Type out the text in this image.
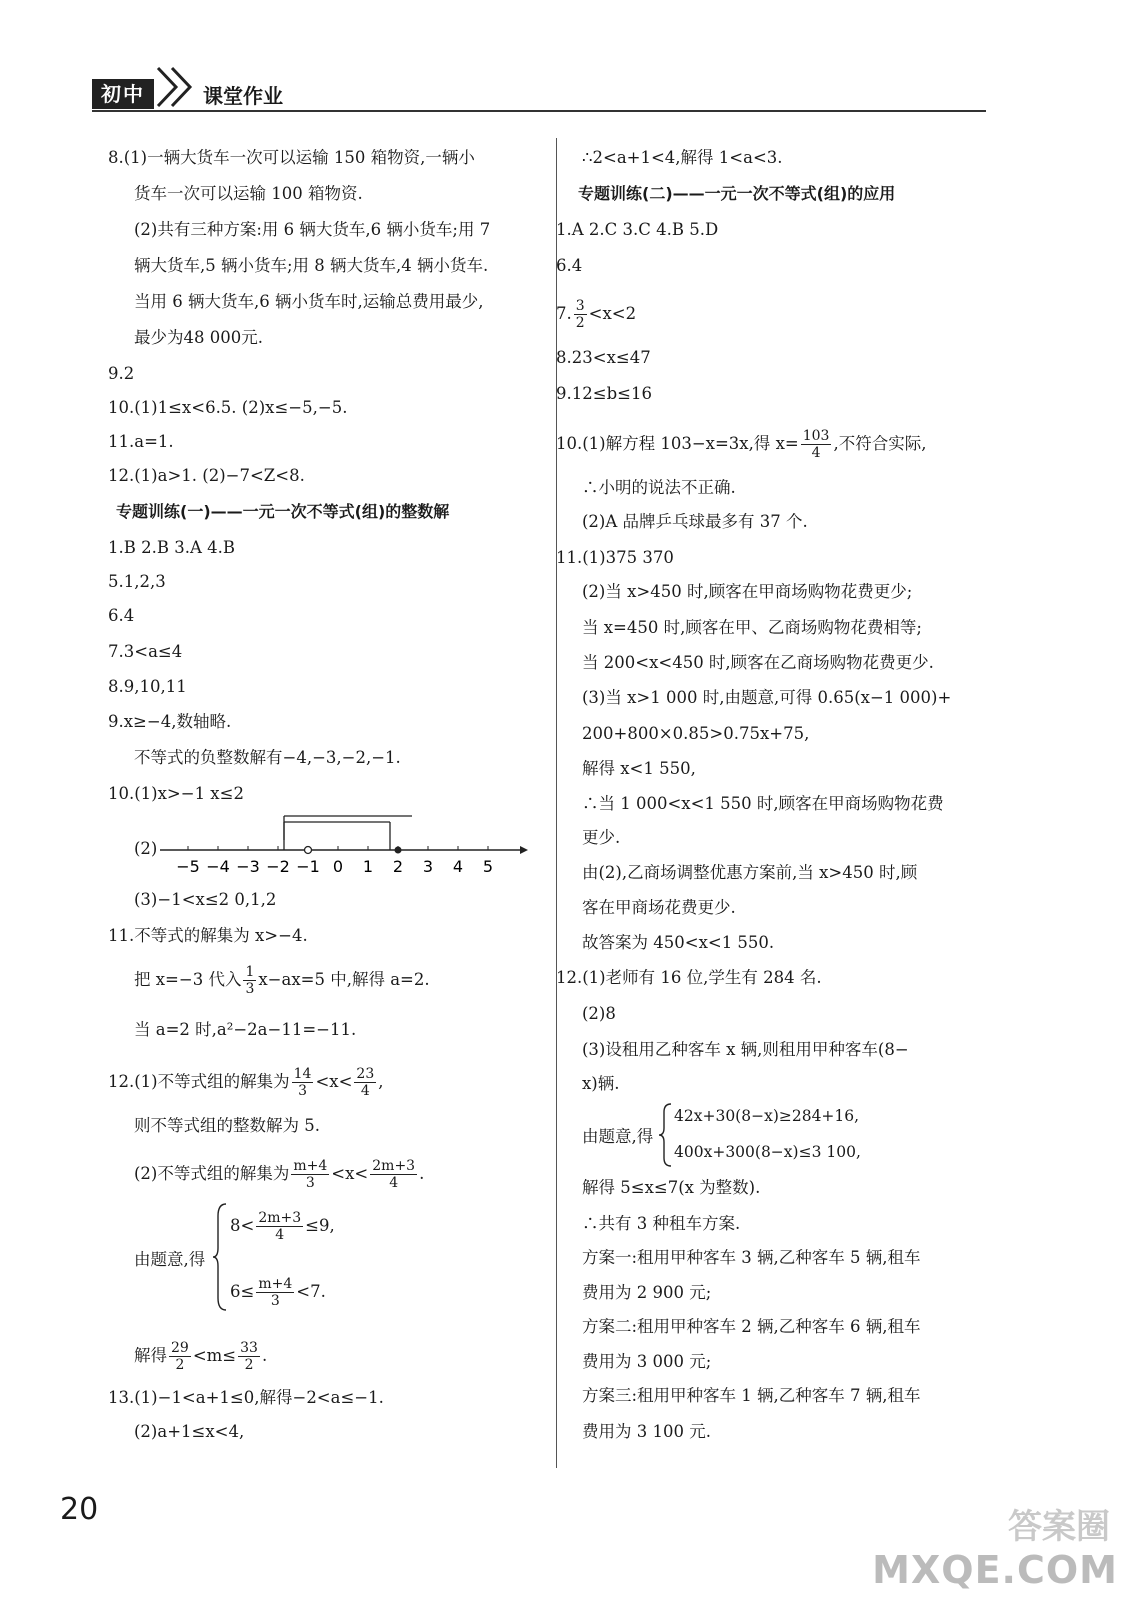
初中	课堂作业
8.(1)一辆大货车一次可以运输 150 箱物资,一辆小
货车一次可以运输 100 箱物资.
(2)共有三种方案:用 6 辆大货车,6 辆小货车;用 7
辆大货车,5 辆小货车;用 8 辆大货车,4 辆小货车.
当用 6 辆大货车,6 辆小货车时,运输总费用最少,
最少为48 000元.
9.2
10.(1)1≤x<6.5. (2)x≤−5,−5.
11.a=1.
12.(1)a>1. (2)−7<Z<8.
专题训练(一)——一元一次不等式(组)的整数解
1.B 2.B 3.A 4.B
5.1,2,3
6.4
7.3<a≤4
8.9,10,11
9.x≥−4,数轴略.
不等式的负整数解有−4,−3,−2,−1.
10.(1)x>−1 x≤2
(2)
−5 −4 −3 −2 −1 0 1 2 3 4 5
(3)−1<x≤2 0,1,2
11.不等式的解集为 x>−4.
把 x=−3 代入 $\frac{1}{3} x-ax=5$ 中,解得 a=2.
当 a=2 时,a²−2a−11=−11.
12.(1)不等式组的解集为 $\frac{14}{3} <x< \frac{23}{4}$ ,
则不等式组的整数解为 5.
(2)不等式组的解集为 $\frac{m+4}{3} <x< \frac{2m+3}{4}$ .
由题意,得
$8< \frac{2m+3}{4} \le 9$,
$6\le \frac{m+4}{3} <7$.
解得 $\frac{29}{2} <m\le \frac{33}{2}$ .
13.(1)−1<a+1≤0,解得−2<a≤−1.
(2)a+1≤x<4,
∴2<a+1<4,解得 1<a<3.
专题训练(二)——一元一次不等式(组)的应用
1.A 2.C 3.C 4.B 5.D
6.4
7. $\frac{3}{2} <x<2$
8.23<x≤47
9.12≤b≤16
10.(1)解方程 103−x=3x,得 $x= \frac{103}{4}$ ,不符合实际,
∴小明的说法不正确.
(2)A 品牌乒乓球最多有 37 个.
11.(1)375 370
(2)当 x>450 时,顾客在甲商场购物花费更少;
当 x=450 时,顾客在甲、乙商场购物花费相等;
当 200<x<450 时,顾客在乙商场购物花费更少.
(3)当 x>1 000 时,由题意,可得 0.65(x−1 000)+
200+800×0.85>0.75x+75,
解得 x<1 550,
∴当 1 000<x<1 550 时,顾客在甲商场购物花费
更少.
由(2),乙商场调整优惠方案前,当 x>450 时,顾
客在甲商场花费更少.
故答案为 450<x<1 550.
12.(1)老师有 16 位,学生有 284 名.
(2)8
(3)设租用乙种客车 x 辆,则租用甲种客车(8−
x)辆.
由题意,得
42x+30(8−x)≥284+16,
400x+300(8−x)≤3 100,
解得 5≤x≤7(x 为整数).
∴共有 3 种租车方案.
方案一:租用甲种客车 3 辆,乙种客车 5 辆,租车
费用为 2 900 元;
方案二:租用甲种客车 2 辆,乙种客车 6 辆,租车
费用为 3 000 元;
方案三:租用甲种客车 1 辆,乙种客车 7 辆,租车
费用为 3 100 元.
20	答案圈
MXQE.COM
